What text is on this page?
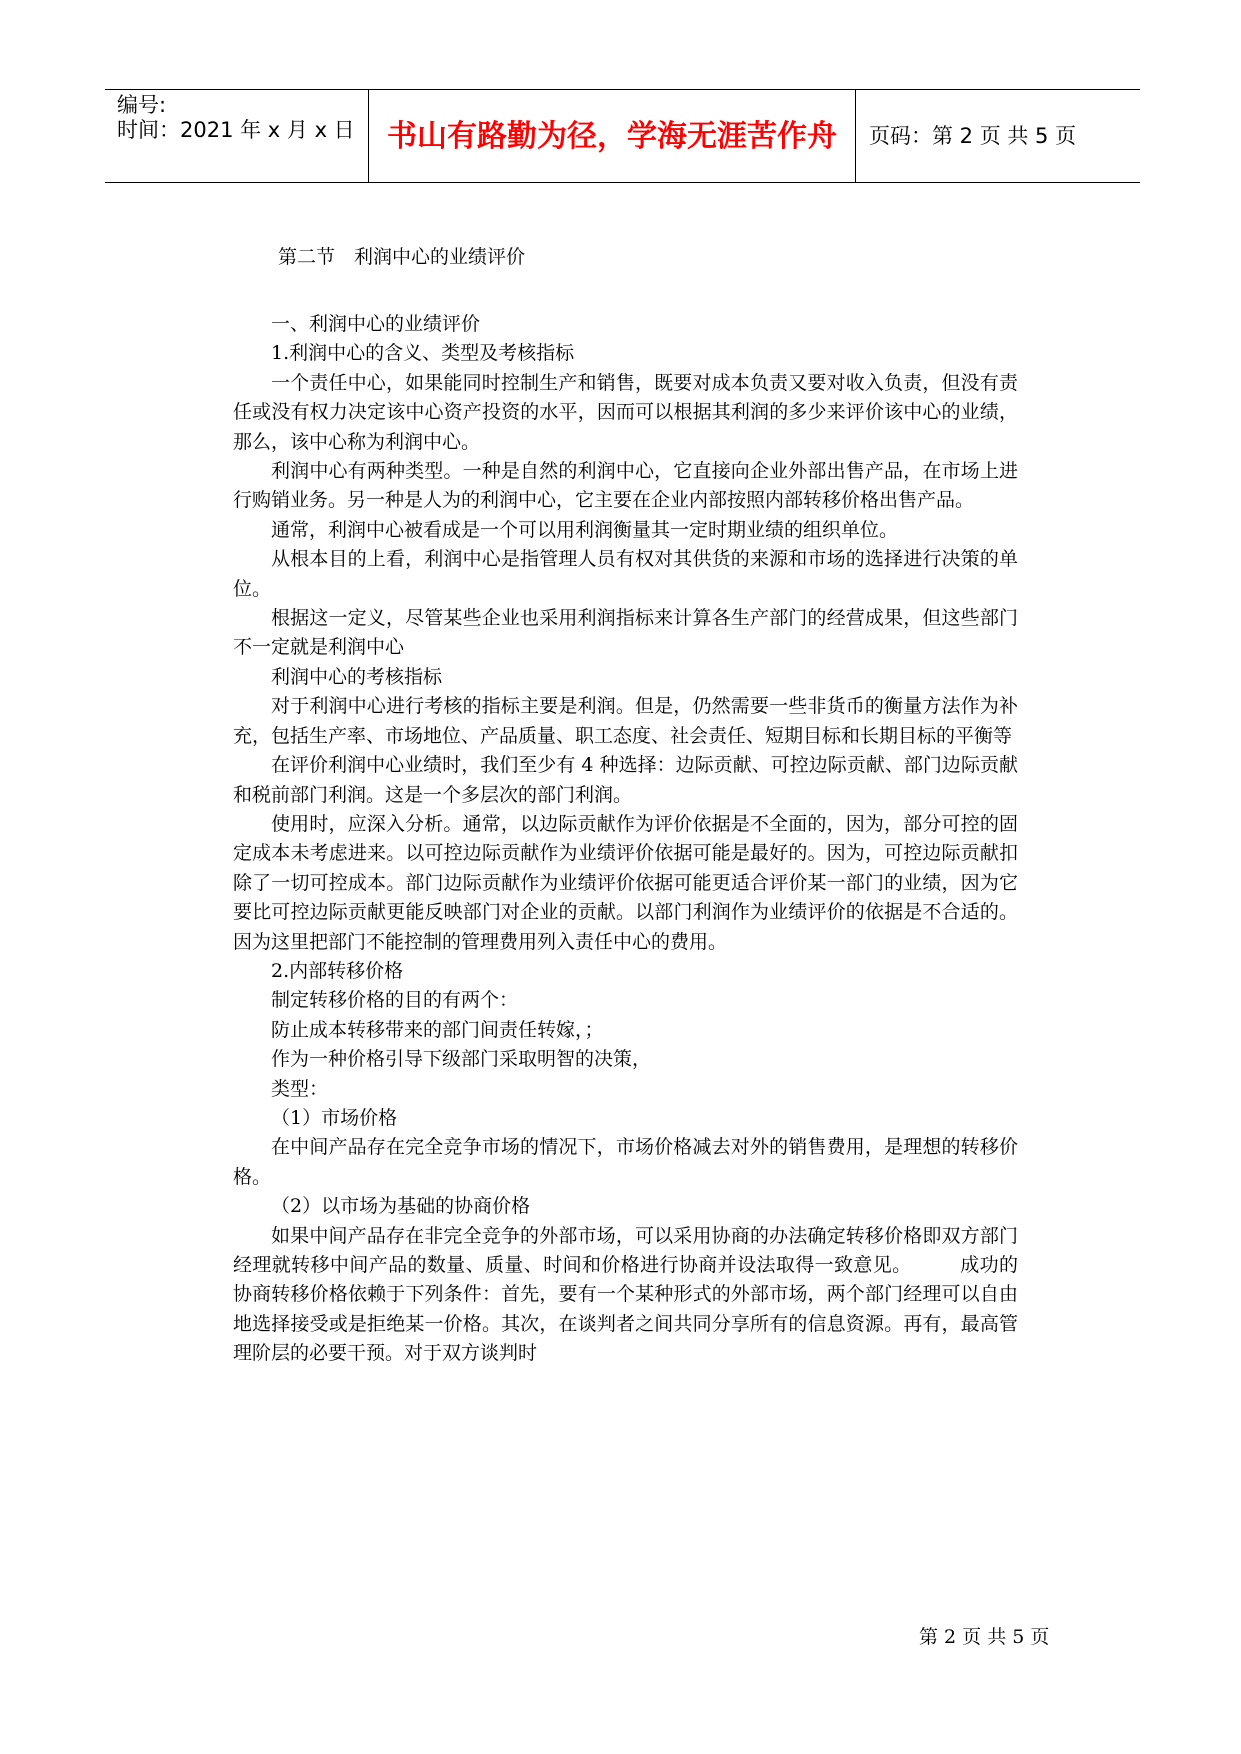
编号:
时间：2021 年 x 月 x 日	书山有路勤为径，学海无涯苦作舟	页码：第 2 页 共 5 页
第二节　利润中心的业绩评价

一、利润中心的业绩评价

1.利润中心的含义、类型及考核指标

一个责任中心，如果能同时控制生产和销售，既要对成本负责又要对收入负责，但没有责任或没有权力决定该中心资产投资的水平，因而可以根据其利润的多少来评价该中心的业绩，那么，该中心称为利润中心。

利润中心有两种类型。一种是自然的利润中心，它直接向企业外部出售产品，在市场上进行购销业务。另一种是人为的利润中心，它主要在企业内部按照内部转移价格出售产品。

通常，利润中心被看成是一个可以用利润衡量其一定时期业绩的组织单位。

从根本目的上看，利润中心是指管理人员有权对其供货的来源和市场的选择进行决策的单位。

根据这一定义，尽管某些企业也采用利润指标来计算各生产部门的经营成果，但这些部门不一定就是利润中心

利润中心的考核指标

对于利润中心进行考核的指标主要是利润。但是，仍然需要一些非货币的衡量方法作为补充，包括生产率、市场地位、产品质量、职工态度、社会责任、短期目标和长期目标的平衡等

在评价利润中心业绩时，我们至少有 4 种选择：边际贡献、可控边际贡献、部门边际贡献和税前部门利润。这是一个多层次的部门利润。

使用时，应深入分析。通常，以边际贡献作为评价依据是不全面的，因为，部分可控的固定成本未考虑进来。以可控边际贡献作为业绩评价依据可能是最好的。因为，可控边际贡献扣除了一切可控成本。部门边际贡献作为业绩评价依据可能更适合评价某一部门的业绩，因为它要比可控边际贡献更能反映部门对企业的贡献。以部门利润作为业绩评价的依据是不合适的。因为这里把部门不能控制的管理费用列入责任中心的费用。

2.内部转移价格

制定转移价格的目的有两个：

防止成本转移带来的部门间责任转嫁，；

作为一种价格引导下级部门采取明智的决策，

类型：

（1）市场价格

在中间产品存在完全竞争市场的情况下，市场价格减去对外的销售费用，是理想的转移价格。

（2）以市场为基础的协商价格

如果中间产品存在非完全竞争的外部市场，可以采用协商的办法确定转移价格即双方部门经理就转移中间产品的数量、质量、时间和价格进行协商并设法取得一致意见。　　　成功的协商转移价格依赖于下列条件：首先，要有一个某种形式的外部市场，两个部门经理可以自由地选择接受或是拒绝某一价格。其次，在谈判者之间共同分享所有的信息资源。再有，最高管理阶层的必要干预。对于双方谈判时

第 2 页 共 5 页
